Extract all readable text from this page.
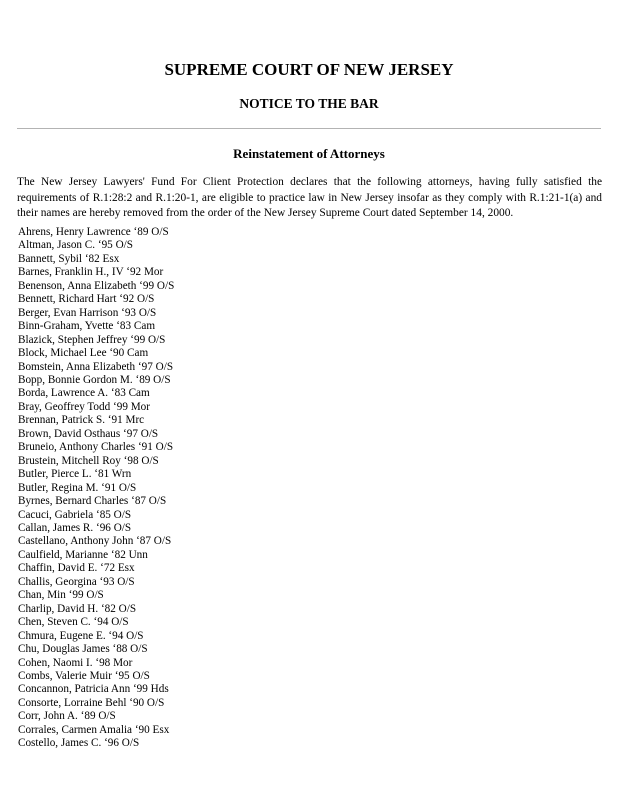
SUPREME COURT OF NEW JERSEY
NOTICE TO THE BAR
Reinstatement of Attorneys

The New Jersey Lawyers' Fund For Client Protection declares that the following attorneys, having fully satisfied the requirements of R.1:28:2 and R.1:20-1, are eligible to practice law in New Jersey insofar as they comply with R.1:21-1(a) and their names are hereby removed from the order of the New Jersey Supreme Court dated September 14, 2000.

Ahrens, Henry Lawrence ‘89 O/S
Altman, Jason C. ‘95 O/S
Bannett, Sybil ‘82 Esx
Barnes, Franklin H., IV ‘92 Mor
Benenson, Anna Elizabeth ‘99 O/S
Bennett, Richard Hart ‘92 O/S
Berger, Evan Harrison ‘93 O/S
Binn-Graham, Yvette ‘83 Cam
Blazick, Stephen Jeffrey ‘99 O/S
Block, Michael Lee ‘90 Cam
Bomstein, Anna Elizabeth ‘97 O/S
Bopp, Bonnie Gordon M. ‘89 O/S
Borda, Lawrence A. ‘83 Cam
Bray, Geoffrey Todd ‘99 Mor
Brennan, Patrick S. ‘91 Mrc
Brown, David Osthaus ‘97 O/S
Bruneio, Anthony Charles ‘91 O/S
Brustein, Mitchell Roy ‘98 O/S
Butler, Pierce L. ‘81 Wrn
Butler, Regina M. ‘91 O/S
Byrnes, Bernard Charles ‘87 O/S
Cacuci, Gabriela ‘85 O/S
Callan, James R. ‘96 O/S
Castellano, Anthony John ‘87 O/S
Caulfield, Marianne ‘82 Unn
Chaffin, David E. ‘72 Esx
Challis, Georgina ‘93 O/S
Chan, Min ‘99 O/S
Charlip, David H. ‘82 O/S
Chen, Steven C. ‘94 O/S
Chmura, Eugene E. ‘94 O/S
Chu, Douglas James ‘88 O/S
Cohen, Naomi I. ‘98 Mor
Combs, Valerie Muir ‘95 O/S
Concannon, Patricia Ann ‘99 Hds
Consorte, Lorraine Behl ‘90 O/S
Corr, John A. ‘89 O/S
Corrales, Carmen Amalia ‘90 Esx
Costello, James C. ‘96 O/S
